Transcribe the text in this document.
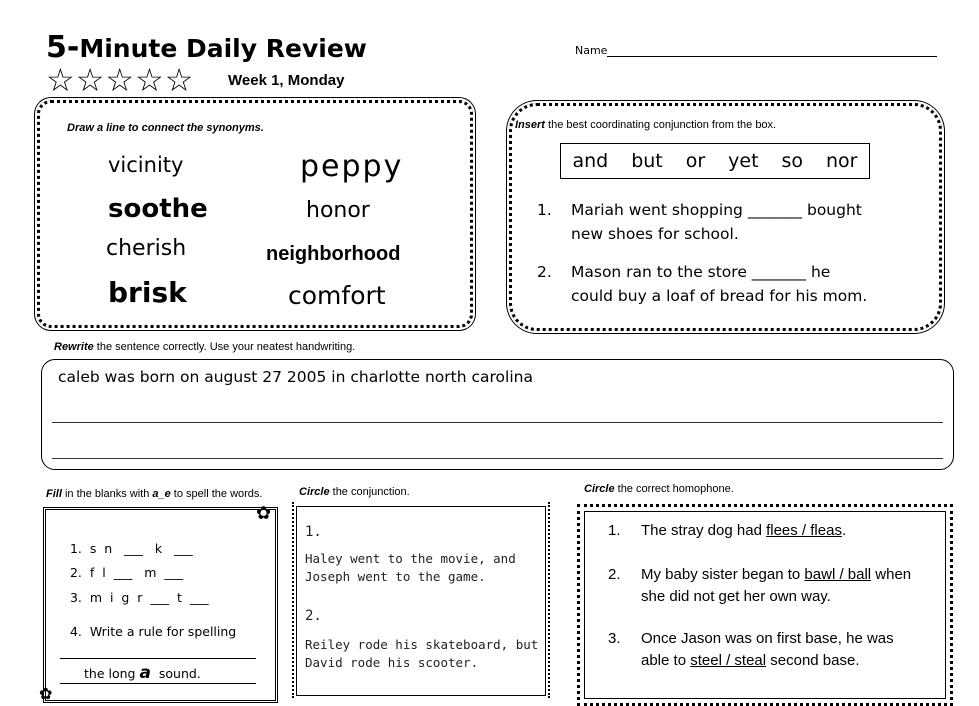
5-Minute Daily Review	Name
☆☆☆☆☆ Week 1, Monday
Draw a line to connect the synonyms.
vicinity
soothe
cherish
brisk
peppy
honor
neighborhood
comfort
Insert the best coordinating conjunction from the box.
and but or yet so nor
1. Mariah went shopping _______ bought
new shoes for school.
2. Mason ran to the store _______ he
could buy a loaf of bread for his mom.
Rewrite the sentence correctly. Use your neatest handwriting.
caleb was born on august 27 2005 in charlotte north carolina
Fill in the blanks with a_e to spell the words.
✿
✿

1. s  n   ___   k   ___

2. f  l  ___   m  ___

3. m  i  g  r  ___  t  ___

4. Write a rule for spelling

the long a  sound.

Circle the conjunction.
1.
Haley went to the movie, and
Joseph went to the game.
2.
Reiley rode his skateboard, but
David rode his scooter.
Circle the correct homophone.
1. The stray dog had flees / fleas.
2. My baby sister began to bawl / ball when
she did not get her own way.
3. Once Jason was on first base, he was
able to steel / steal second base.
